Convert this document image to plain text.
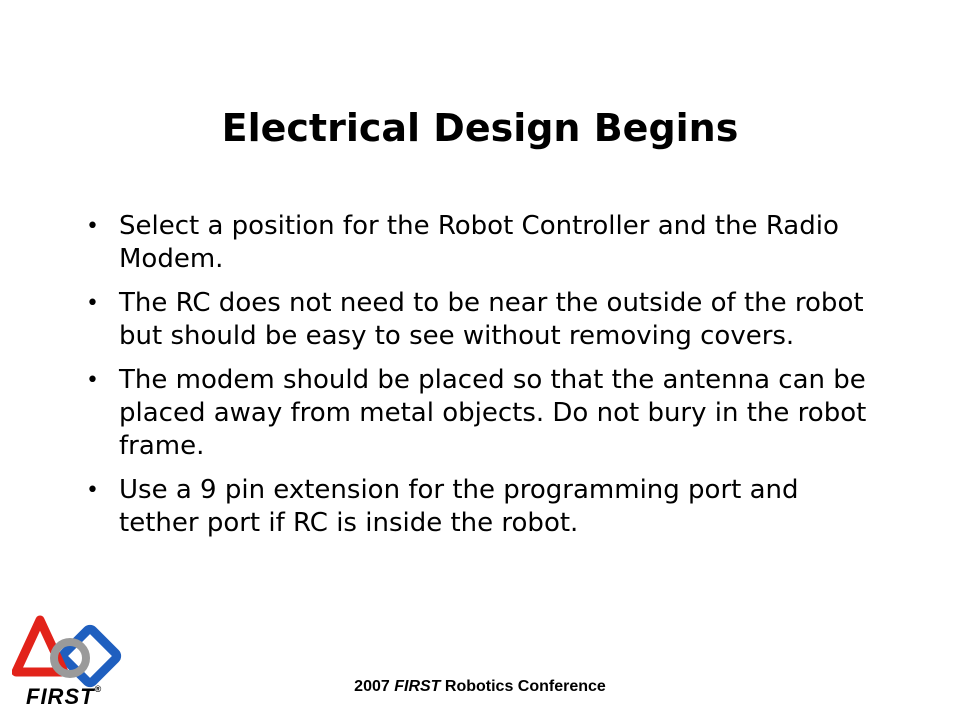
Electrical Design Begins
• Select a position for the Robot Controller and the Radio Modem.
• The RC does not need to be near the outside of the robot but should be easy to see without removing covers.
• The modem should be placed so that the antenna can be placed away from metal objects. Do not bury in the robot frame.
• Use a 9 pin extension for the programming port and tether port if RC is inside the robot.
FIRST®	2007 FIRST Robotics Conference
